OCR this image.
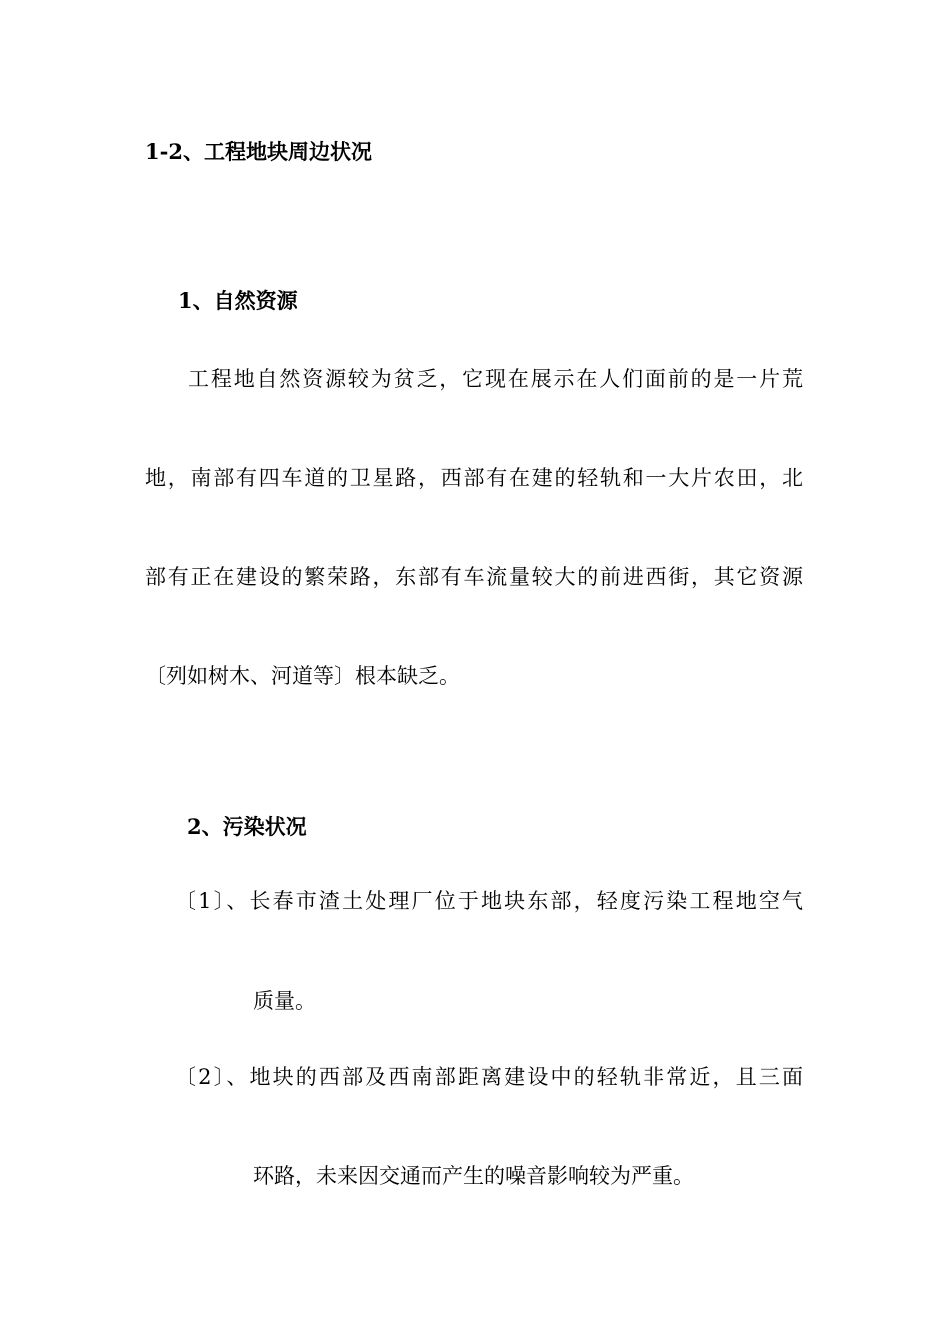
1-2、工程地块周边状况
1、自然资源
工程地自然资源较为贫乏，它现在展示在人们面前的是一片荒
地，南部有四车道的卫星路，西部有在建的轻轨和一大片农田，北
部有正在建设的繁荣路，东部有车流量较大的前进西街，其它资源
〔列如树木、河道等〕根本缺乏。
2、污染状况
〔1〕、长春市渣土处理厂位于地块东部，轻度污染工程地空气
质量。
〔2〕、地块的西部及西南部距离建设中的轻轨非常近，且三面
环路，未来因交通而产生的噪音影响较为严重。
